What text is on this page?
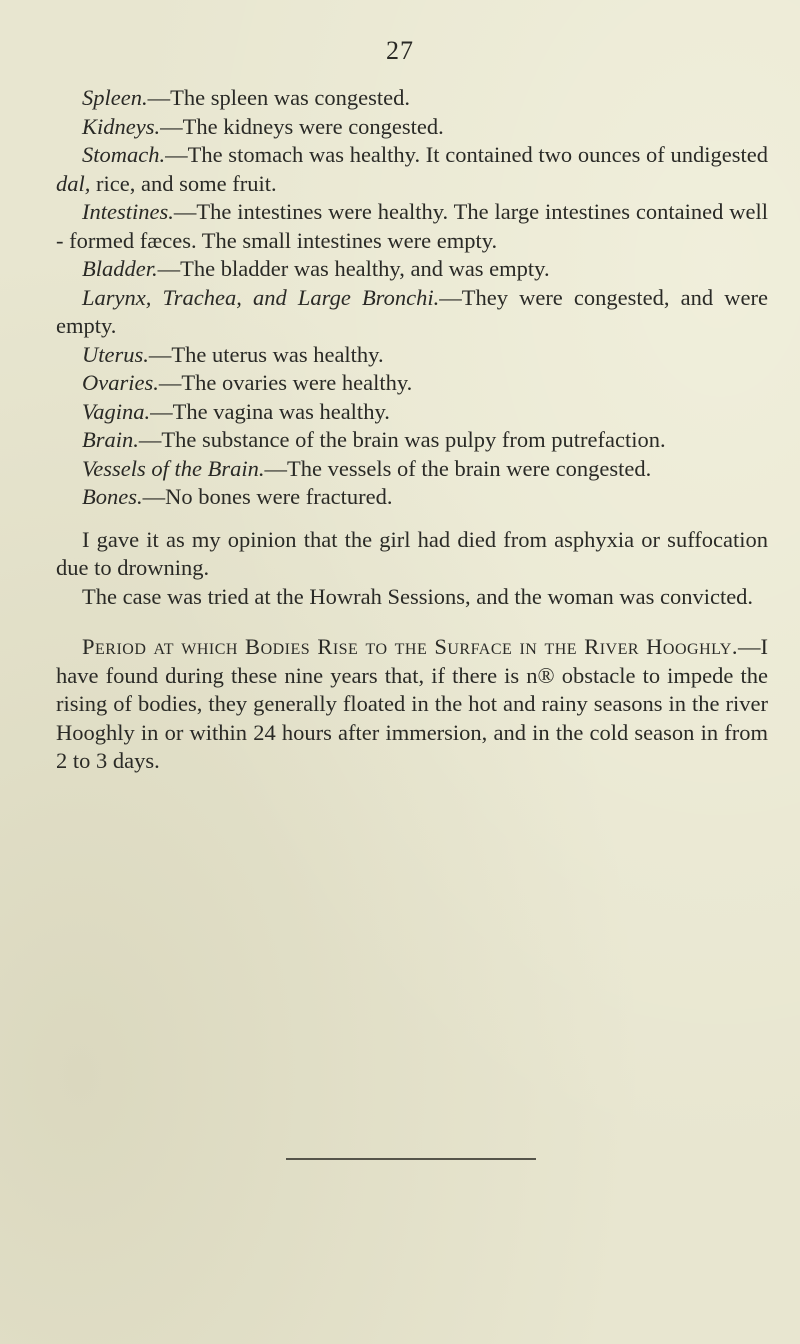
27

Spleen.—The spleen was congested.

Kidneys.—The kidneys were congested.

Stomach.—The stomach was healthy. It contained two ounces of undigested dal, rice, and some fruit.

Intestines.—The intestines were healthy. The large intestines contained well - formed fæces. The small intestines were empty.

Bladder.—The bladder was healthy, and was empty.

Larynx, Trachea, and Large Bronchi.—They were congested, and were empty.

Uterus.—The uterus was healthy.

Ovaries.—The ovaries were healthy.

Vagina.—The vagina was healthy.

Brain.—The substance of the brain was pulpy from putrefaction.

Vessels of the Brain.—The vessels of the brain were congested.

Bones.—No bones were fractured.

I gave it as my opinion that the girl had died from asphyxia or suffocation due to drowning.

The case was tried at the Howrah Sessions, and the woman was convicted.

Period at which Bodies Rise to the Surface in the River Hooghly.—I have found during these nine years that, if there is n® obstacle to impede the rising of bodies, they generally floated in the hot and rainy seasons in the river Hooghly in or within 24 hours after immersion, and in the cold season in from 2 to 3 days.
